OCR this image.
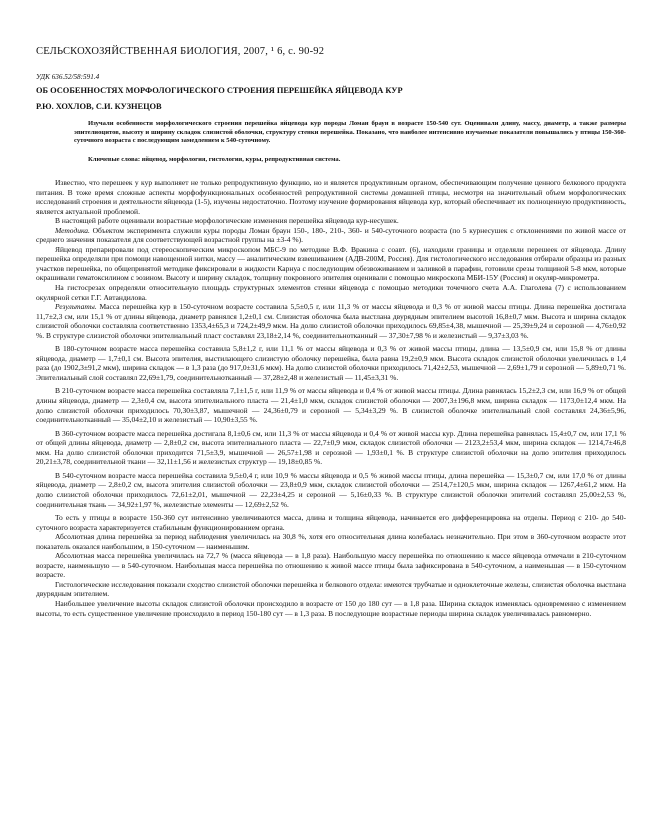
СЕЛЬСКОХОЗЯЙСТВЕННАЯ БИОЛОГИЯ, 2007, ¹ 6, с. 90-92
УДК 636.52/58:591.4
ОБ ОСОБЕННОСТЯХ МОРФОЛОГИЧЕСКОГО СТРОЕНИЯ ПЕРЕШЕЙКА ЯЙЦЕВОДА КУР
Р.Ю. ХОХЛОВ, С.И. КУЗНЕЦОВ

Изучали особенности морфологического строения перешейка яйцевода кур породы Ломан браун в возрасте 150-540 сут. Оценивали длину, массу, диаметр, а также размеры эпителиоцитов, высоту и ширину складок слизистой оболочки, структуру стенки перешейка. Показано, что наиболее интенсивно изучаемые показатели повышались у птицы 150-360-суточного возраста с последующим замедлением к 540-суточному.

Ключевые слова: яйцевод, морфология, гистология, куры, репродуктивная система.

Известно, что перешеек у кур выполняет не только репродуктивную функцию, но и является продуктивным органом, обеспечивающим получение ценного белкового продукта питания. В тоже время сложные аспекты морфофункциональных особенностей репродуктивной системы домашней птицы, несмотря на значительный объем морфологических исследований строения и деятельности яйцевода (1-5), изучены недостаточно. Поэтому изучение формирования яйцевода кур, который обеспечивает их полноценную продуктивность, является актуальной проблемой.

В настоящей работе оценивали возрастные морфологические изменения перешейка яйцевода кур-несушек.

Методика. Объектом эксперимента служили куры породы Ломан браун 150-, 180-, 210-, 360- и 540-суточного возраста (по 5 курнесушек с отклонениями по живой массе от среднего значения показателя для соответствующей возрастной группы на ±3-4 %).

Яйцевод препарировали под стереоскопическим микроскопом МБС-9 по методике В.Ф. Вракина с соавт. (6), находили границы и отделяли перешеек от яйцевода. Длину перешейка определяли при помощи навощенной нитки, массу — аналитическим взвешиванием (АДВ-200М, Россия). Для гистологического исследования отбирали образцы из разных участков перешейка, по общепринятой методике фиксировали в жидкости Карнуа с последующим обезвоживанием и заливкой в парафин, готовили срезы толщиной 5-8 мкм, которые окрашивали гематоксилином с эозином. Высоту и ширину складок, толщину покровного эпителия оценивали с помощью микроскопа МБИ-15У (Россия) и окуляр-микрометра.

На гистосрезах определяли относительную площадь структурных элементов стенки яйцевода с помощью методики точечного счета А.А. Глаголева (7) с использованием окулярной сетки Г.Г. Автандилова.

Результаты. Масса перешейка кур в 150-суточном возрасте составила 5,5±0,5 г, или 11,3 % от массы яйцевода и 0,3 % от живой массы птицы. Длина перешейка достигала 11,7±2,3 см, или 15,1 % от длины яйцевода, диаметр равнялся 1,2±0,1 см. Слизистая оболочка была выстлана двурядным эпителием высотой 16,8±0,7 мкм. Высота и ширина складок слизистой оболочки составляла соответственно 1353,4±65,3 и 724,2±49,9 мкм. На долю слизистой оболочки приходилось 69,85±4,38, мышечной — 25,39±9,24 и серозной — 4,76±0,92 %. В структуре слизистой оболочки эпителиальный пласт составлял 23,18±2,14 %, соединительнотканный — 37,30±7,98 % и железистый — 9,37±3,03 %.

В 180-суточном возрасте масса перешейка составила 5,8±1,2 г, или 11,1 % от массы яйцевода и 0,3 % от живой массы птицы, длина — 13,5±0,9 см, или 15,8 % от длины яйцевода, диаметр — 1,7±0,1 см. Высота эпителия, выстилающего слизистую оболочку перешейка, была равна 19,2±0,9 мкм. Высота складок слизистой оболочки увеличилась в 1,4 раза (до 1902,3±91,2 мкм), ширина складок — в 1,3 раза (до 917,0±31,6 мкм). На долю слизистой оболочки приходилось 71,42±2,53, мышечной — 2,69±1,79 и серозной — 5,89±0,71 %. Эпителиальный слой составлял 22,69±1,79, соединительнотканный — 37,28±2,48 и железистый — 11,45±3,31 %.

В 210-суточном возрасте масса перешейка составляла 7,1±1,5 г, или 11,9 % от массы яйцевода и 0,4 % от живой массы птицы. Длина равнялась 15,2±2,3 см, или 16,9 % от общей длины яйцевода, диаметр — 2,3±0,4 см, высота эпителиального пласта — 21,4±1,0 мкм, складок слизистой оболочки — 2007,3±196,8 мкм, ширина складок — 1173,0±12,4 мкм. На долю слизистой оболочки приходилось 70,30±3,87, мышечной — 24,36±0,79 и серозной — 5,34±3,29 %. В слизистой оболочке эпителиальный слой составлял 24,36±5,96, соединительнотканный — 35,04±2,10 и железистый — 10,90±3,55 %.

В 360-суточном возрасте масса перешейка достигала 8,1±0,6 см, или 11,3 % от массы яйцевода и 0,4 % от живой массы кур. Длина перешейка равнялась 15,4±0,7 см, или 17,1 % от общей длины яйцевода, диаметр — 2,8±0,2 см, высота эпителиального пласта — 22,7±0,9 мкм, складок слизистой оболочки — 2123,2±53,4 мкм, ширина складок — 1214,7±46,8 мкм. На долю слизистой оболочки приходится 71,5±3,9, мышечной — 26,57±1,98 и серозной — 1,93±0,1 %. В структуре слизистой оболочки на долю эпителия приходилось 20,21±3,78, соединительной ткани — 32,11±1,56 и железистых структур — 19,18±0,85 %.

В 540-суточном возрасте масса перешейка составила 9,5±0,4 г, или 10,9 % массы яйцевода и 0,5 % живой массы птицы, длина перешейка — 15,3±0,7 см, или 17,0 % от длины яйцевода, диаметр — 2,8±0,2 см, высота эпителия слизистой оболочки — 23,8±0,9 мкм, складок слизистой оболочки — 2514,7±120,5 мкм, ширина складок — 1267,4±61,2 мкм. На долю слизистой оболочки приходилось 72,61±2,01, мышечной — 22,23±4,25 и серозной — 5,16±0,33 %. В структуре слизистой оболочки эпителий составлял 25,00±2,53 %, соединительная ткань — 34,92±1,97 %, железистые элементы — 12,69±2,52 %.

То есть у птицы в возрасте 150-360 сут интенсивно увеличиваются масса, длина и толщина яйцевода, начинается его дифференцировка на отделы. Период с 210- до 540-суточного возраста характеризуется стабильным функционированием органа.

Абсолютная длина перешейка за период наблюдения увеличилась на 30,8 %, хотя его относительная длина колебалась незначительно. При этом в 360-суточном возрасте этот показатель оказался наибольшим, в 150-суточном — наименьшим.

Абсолютная масса перешейка увеличилась на 72,7 % (масса яйцевода — в 1,8 раза). Наибольшую массу перешейка по отношению к массе яйцевода отмечали в 210-суточном возрасте, наименьшую — в 540-суточном. Наибольшая масса перешейка по отношению к живой массе птицы была зафиксирована в 540-суточном, а наименьшая — в 150-суточном возрасте.

Гистологические исследования показали сходство слизистой оболочки перешейка и белкового отдела: имеются трубчатые и одноклеточные железы, слизистая оболочка выстлана двурядным эпителием.

Наибольшее увеличение высоты складок слизистой оболочки происходило в возрасте от 150 до 180 сут — в 1,8 раза. Ширина складок изменялась одновременно с изменением высоты, то есть существенное увеличение происходило в период 150-180 сут — в 1,3 раза. В последующие возрастные периоды ширина складок увеличивалась равномерно.
